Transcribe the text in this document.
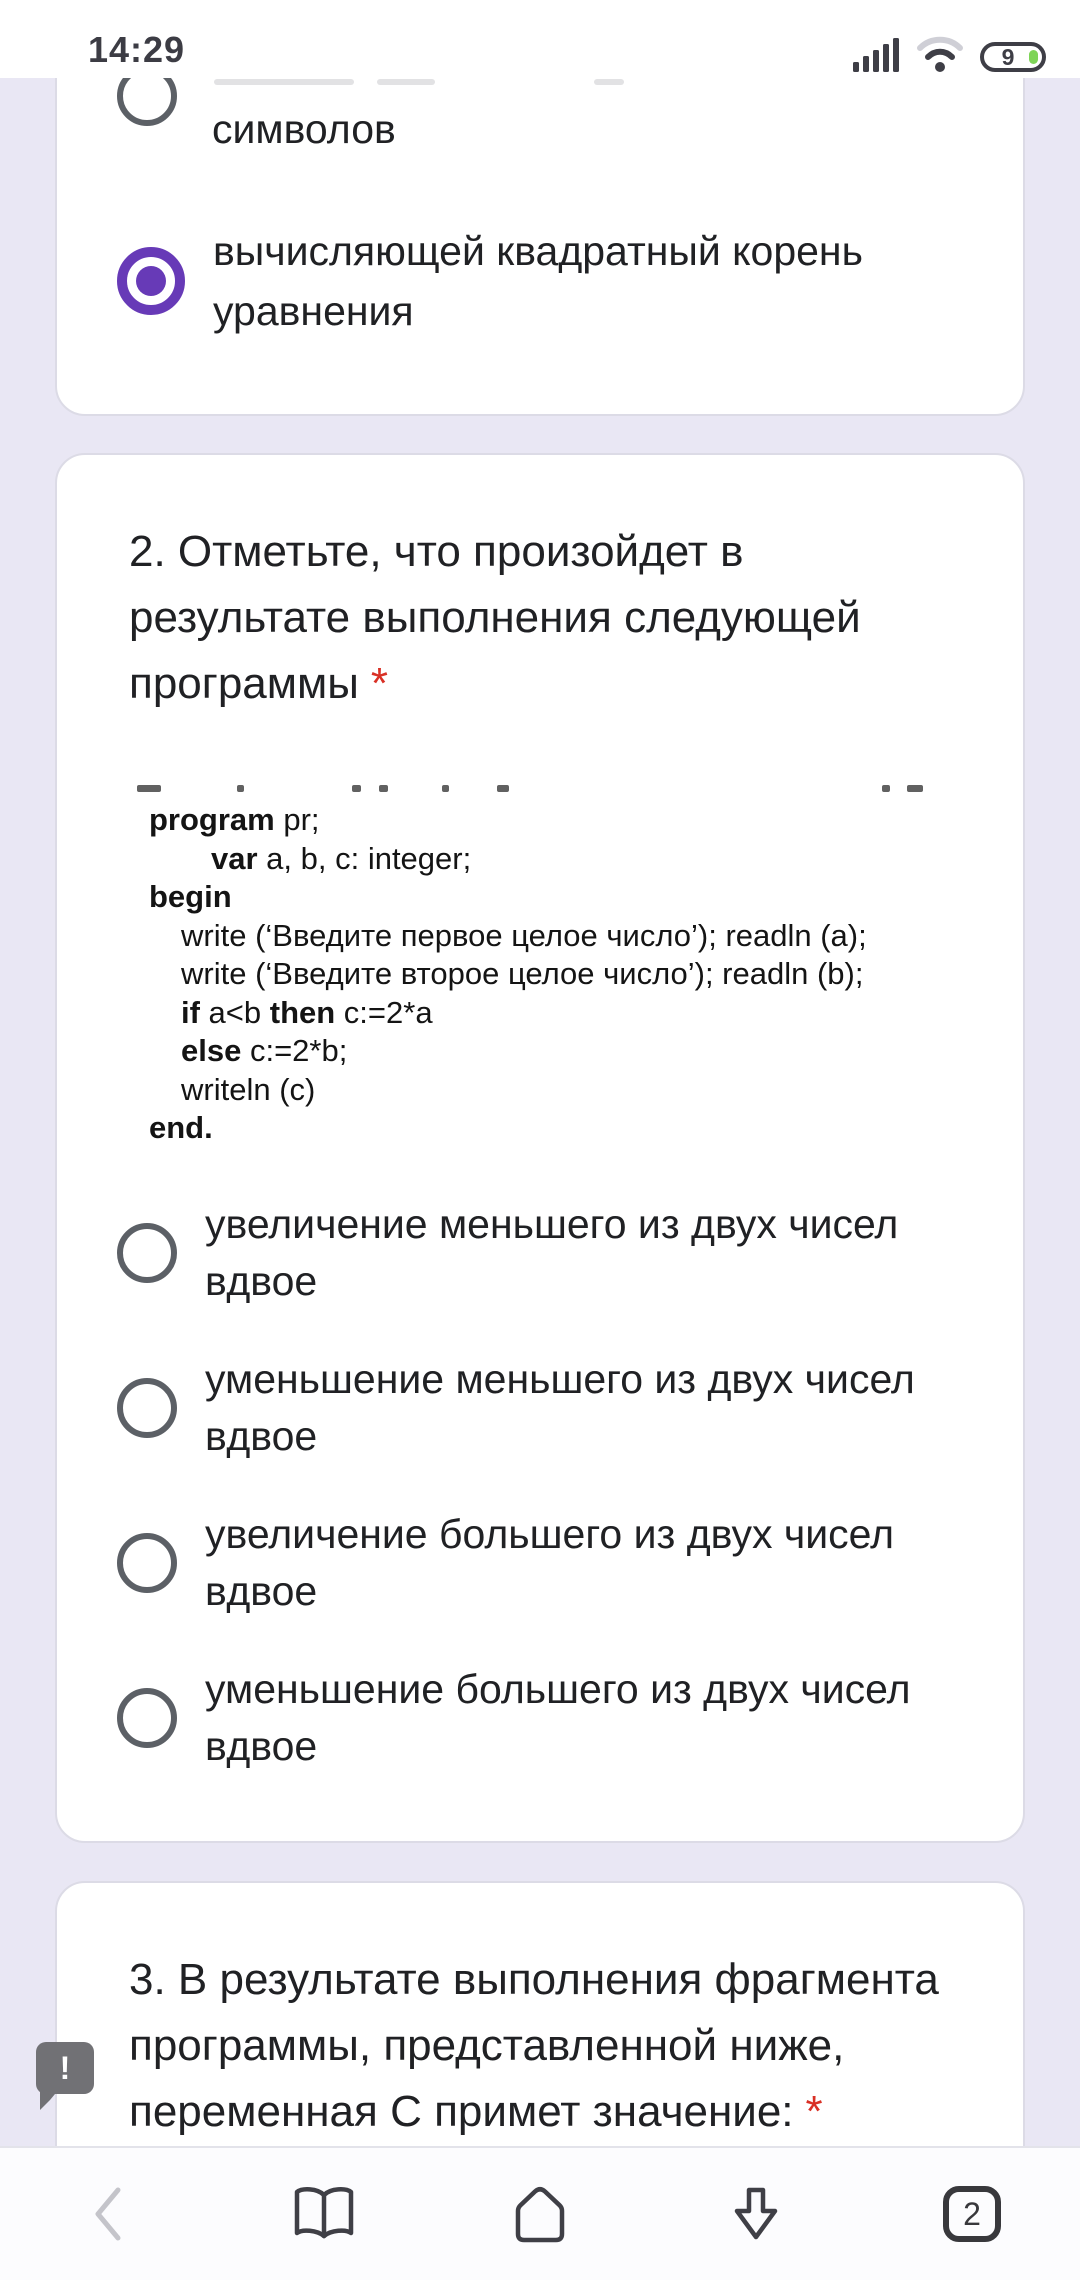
14:29	9
символов
вычисляющей квадратный корень
уравнения
2. Отметьте, что произойдет в
результате выполнения следующей
программы *
program pr;
var a, b, c: integer;
begin
write (‘Введите первое целое число’); readln (a);
write (‘Введите второе целое число’); readln (b);
if a<b then c:=2*a
else c:=2*b;
writeln (c)
end.
увеличение меньшего из двух чисел
вдвое
уменьшение меньшего из двух чисел
вдвое
увеличение большего из двух чисел
вдвое
уменьшение большего из двух чисел
вдвое
3. В результате выполнения фрагмента
программы, представленной ниже,
переменная С примет значение: *
!
2
